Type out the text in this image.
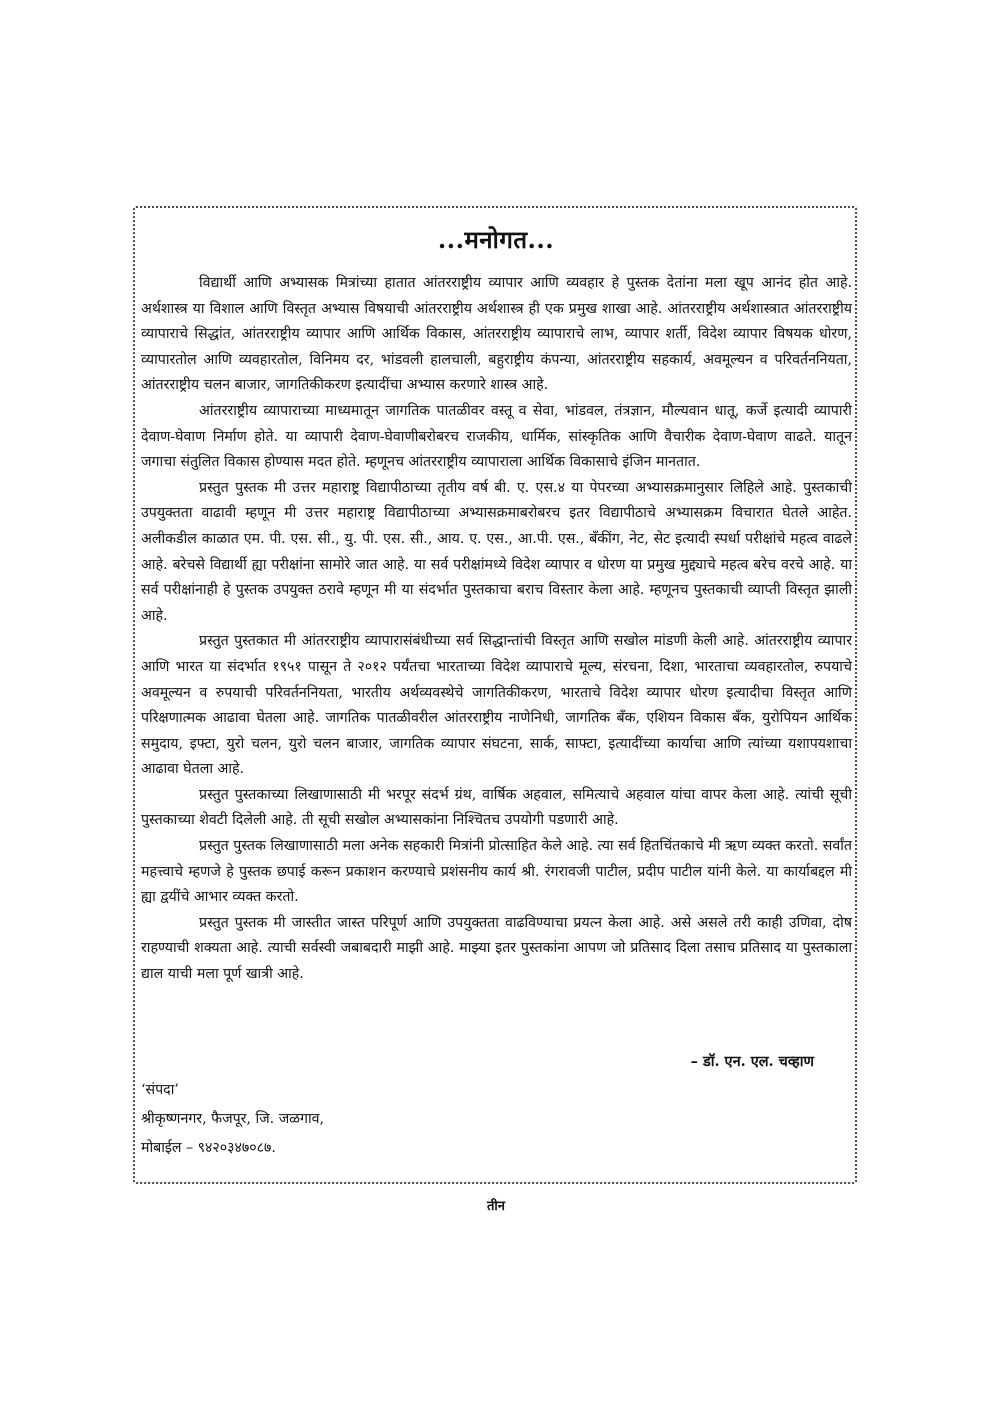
...मनोगत...

विद्यार्थी आणि अभ्यासक मित्रांच्या हातात आंतरराष्ट्रीय व्यापार आणि व्यवहार हे पुस्तक देतांना मला खूप आनंद होत आहे. अर्थशास्त्र या विशाल आणि विस्तृत अभ्यास विषयाची आंतरराष्ट्रीय अर्थशास्त्र ही एक प्रमुख शाखा आहे. आंतरराष्ट्रीय अर्थशास्त्रात आंतरराष्ट्रीय व्यापाराचे सिद्धांत, आंतरराष्ट्रीय व्यापार आणि आर्थिक विकास, आंतरराष्ट्रीय व्यापाराचे लाभ, व्यापार शर्ती, विदेश व्यापार विषयक धोरण, व्यापारतोल आणि व्यवहारतोल, विनिमय दर, भांडवली हालचाली, बहुराष्ट्रीय कंपन्या, आंतरराष्ट्रीय सहकार्य, अवमूल्यन व परिवर्तननियता, आंतरराष्ट्रीय चलन बाजार, जागतिकीकरण इत्यादींचा अभ्यास करणारे शास्त्र आहे.

आंतरराष्ट्रीय व्यापाराच्या माध्यमातून जागतिक पातळीवर वस्तू व सेवा, भांडवल, तंत्रज्ञान, मौल्यवान धातू, कर्जे इत्यादी व्यापारी देवाण-घेवाण निर्माण होते. या व्यापारी देवाण-घेवाणीबरोबरच राजकीय, धार्मिक, सांस्कृतिक आणि वैचारीक देवाण-घेवाण वाढते. यातून जगाचा संतुलित विकास होण्यास मदत होते. म्हणूनच आंतरराष्ट्रीय व्यापाराला आर्थिक विकासाचे इंजिन मानतात.

प्रस्तुत पुस्तक मी उत्तर महाराष्ट्र विद्यापीठाच्या तृतीय वर्ष बी. ए. एस.४ या पेपरच्या अभ्यासक्रमानुसार लिहिले आहे. पुस्तकाची उपयुक्तता वाढावी म्हणून मी उत्तर महाराष्ट्र विद्यापीठाच्या अभ्यासक्रमाबरोबरच इतर विद्यापीठाचे अभ्यासक्रम विचारात घेतले आहेत. अलीकडील काळात एम. पी. एस. सी., यु. पी. एस. सी., आय. ए. एस., आ.पी. एस., बँकींग, नेट, सेट इत्यादी स्पर्धा परीक्षांचे महत्व वाढले आहे. बरेचसे विद्यार्थी ह्या परीक्षांना सामोरे जात आहे. या सर्व परीक्षांमध्ये विदेश व्यापार व धोरण या प्रमुख मुद्द्याचे महत्व बरेच वरचे आहे. या सर्व परीक्षांनाही हे पुस्तक उपयुक्त ठरावे म्हणून मी या संदर्भात पुस्तकाचा बराच विस्तार केला आहे. म्हणूनच पुस्तकाची व्याप्ती विस्तृत झाली आहे.

प्रस्तुत पुस्तकात मी आंतरराष्ट्रीय व्यापारासंबंधीच्या सर्व सिद्धान्तांची विस्तृत आणि सखोल मांडणी केली आहे. आंतरराष्ट्रीय व्यापार आणि भारत या संदर्भात १९५१ पासून ते २०१२ पर्यंतचा भारताच्या विदेश व्यापाराचे मूल्य, संरचना, दिशा, भारताचा व्यवहारतोल, रुपयाचे अवमूल्यन व रुपयाची परिवर्तननियता, भारतीय अर्थव्यवस्थेचे जागतिकीकरण, भारताचे विदेश व्यापार धोरण इत्यादीचा विस्तृत आणि परिक्षणात्मक आढावा घेतला आहे. जागतिक पातळीवरील आंतरराष्ट्रीय नाणेनिधी, जागतिक बँक, एशियन विकास बँक, युरोपियन आर्थिक समुदाय, इफ्टा, युरो चलन, युरो चलन बाजार, जागतिक व्यापार संघटना, सार्क, साफ्टा, इत्यादींच्या कार्याचा आणि त्यांच्या यशापयशाचा आढावा घेतला आहे.

प्रस्तुत पुस्तकाच्या लिखाणासाठी मी भरपूर संदर्भ ग्रंथ, वार्षिक अहवाल, समित्याचे अहवाल यांचा वापर केला आहे. त्यांची सूची पुस्तकाच्या शेवटी दिलेली आहे. ती सूची सखोल अभ्यासकांना निश्चितच उपयोगी पडणारी आहे.

प्रस्तुत पुस्तक लिखाणासाठी मला अनेक सहकारी मित्रांनी प्रोत्साहित केले आहे. त्या सर्व हितचिंतकाचे मी ऋण व्यक्त करतो. सर्वांत महत्त्वाचे म्हणजे हे पुस्तक छपाई करून प्रकाशन करण्याचे प्रशंसनीय कार्य श्री. रंगरावजी पाटील, प्रदीप पाटील यांनी केले. या कार्याबद्दल मी ह्या द्वयींचे आभार व्यक्त करतो.

प्रस्तुत पुस्तक मी जास्तीत जास्त परिपूर्ण आणि उपयुक्तता वाढविण्याचा प्रयत्न केला आहे. असे असले तरी काही उणिवा, दोष राहण्याची शक्यता आहे. त्याची सर्वस्वी जबाबदारी माझी आहे. माझ्या इतर पुस्तकांना आपण जो प्रतिसाद दिला तसाच प्रतिसाद या पुस्तकाला द्याल याची मला पूर्ण खात्री आहे.

– डॉ. एन. एल. चव्हाण
‘संपदा’
श्रीकृष्णनगर, फैजपूर, जि. जळगाव,
मोबाईल – ९४२०३४७०८७.
तीन
